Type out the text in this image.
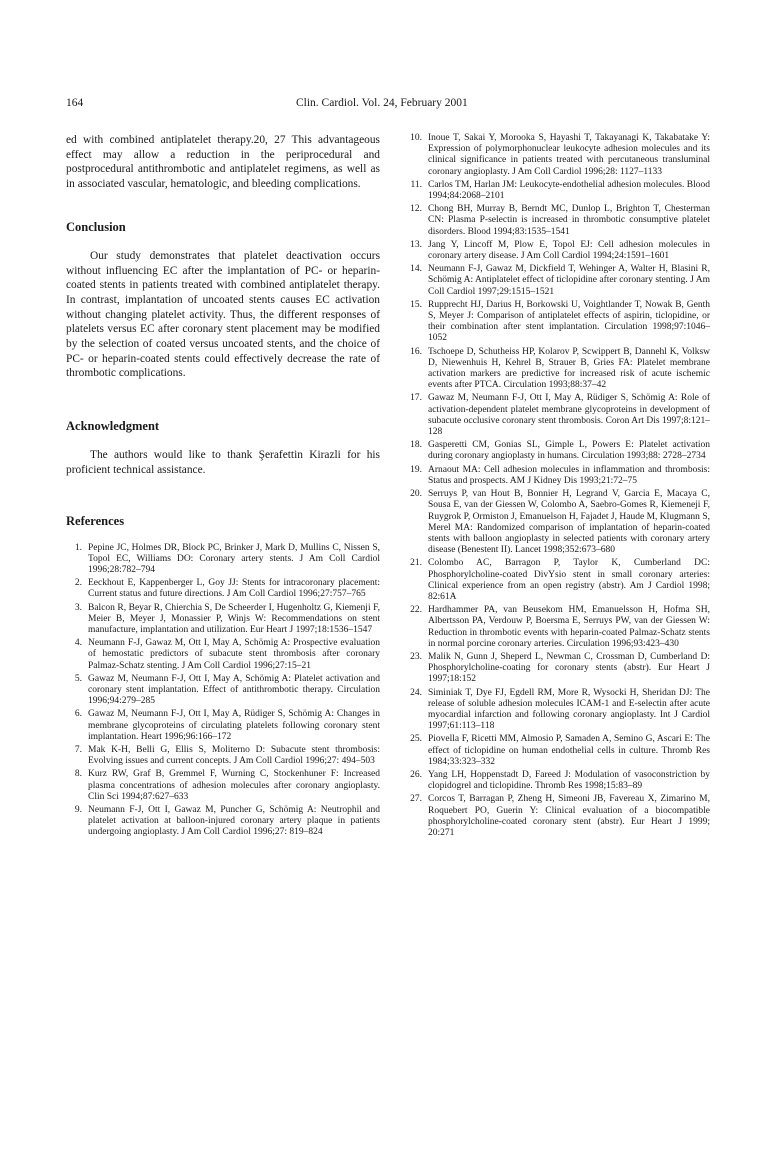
164	Clin. Cardiol. Vol. 24, February 2001

ed with combined antiplatelet therapy.20, 27 This advantageous effect may allow a reduction in the periprocedural and postprocedural antithrombotic and antiplatelet regimens, as well as in associated vascular, hematologic, and bleeding complications.

Conclusion

Our study demonstrates that platelet deactivation occurs without influencing EC after the implantation of PC- or heparin-coated stents in patients treated with combined antiplatelet therapy. In contrast, implantation of uncoated stents causes EC activation without changing platelet activity. Thus, the different responses of platelets versus EC after coronary stent placement may be modified by the selection of coated versus uncoated stents, and the choice of PC- or heparin-coated stents could effectively decrease the rate of thrombotic complications.

Acknowledgment

The authors would like to thank Şerafettin Kirazli for his proficient technical assistance.

References
1. Pepine JC, Holmes DR, Block PC, Brinker J, Mark D, Mullins C, Nissen S, Topol EC, Williams DO: Coronary artery stents. J Am Coll Cardiol 1996;28:782–794
2. Eeckhout E, Kappenberger L, Goy JJ: Stents for intracoronary placement: Current status and future directions. J Am Coll Cardiol 1996;27:757–765
3. Balcon R, Beyar R, Chierchia S, De Scheerder I, Hugenholtz G, Kiemenji F, Meier B, Meyer J, Monassier P, Winjs W: Recommendations on stent manufacture, implantation and utilization. Eur Heart J 1997;18:1536–1547
4. Neumann F-J, Gawaz M, Ott I, May A, Schömig A: Prospective evaluation of hemostatic predictors of subacute stent thrombosis after coronary Palmaz-Schatz stenting. J Am Coll Cardiol 1996;27:15–21
5. Gawaz M, Neumann F-J, Ott I, May A, Schömig A: Platelet activation and coronary stent implantation. Effect of antithrombotic therapy. Circulation 1996;94:279–285
6. Gawaz M, Neumann F-J, Ott I, May A, Rüdiger S, Schömig A: Changes in membrane glycoproteins of circulating platelets following coronary stent implantation. Heart 1996;96:166–172
7. Mak K-H, Belli G, Ellis S, Moliterno D: Subacute stent thrombosis: Evolving issues and current concepts. J Am Coll Cardiol 1996;27: 494–503
8. Kurz RW, Graf B, Gremmel F, Wurning C, Stockenhuner F: Increased plasma concentrations of adhesion molecules after coronary angioplasty. Clin Sci 1994;87:627–633
9. Neumann F-J, Ott I, Gawaz M, Puncher G, Schömig A: Neutrophil and platelet activation at balloon-injured coronary artery plaque in patients undergoing angioplasty. J Am Coll Cardiol 1996;27: 819–824
10. Inoue T, Sakai Y, Morooka S, Hayashi T, Takayanagi K, Takabatake Y: Expression of polymorphonuclear leukocyte adhesion molecules and its clinical significance in patients treated with percutaneous transluminal coronary angioplasty. J Am Coll Cardiol 1996;28: 1127–1133
11. Carlos TM, Harlan JM: Leukocyte-endothelial adhesion molecules. Blood 1994;84:2068–2101
12. Chong BH, Murray B, Berndt MC, Dunlop L, Brighton T, Chesterman CN: Plasma P-selectin is increased in thrombotic consumptive platelet disorders. Blood 1994;83:1535–1541
13. Jang Y, Lincoff M, Plow E, Topol EJ: Cell adhesion molecules in coronary artery disease. J Am Coll Cardiol 1994;24:1591–1601
14. Neumann F-J, Gawaz M, Dickfield T, Wehinger A, Walter H, Blasini R, Schömig A: Antiplatelet effect of ticlopidine after coronary stenting. J Am Coll Cardiol 1997;29:1515–1521
15. Rupprecht HJ, Darius H, Borkowski U, Voightlander T, Nowak B, Genth S, Meyer J: Comparison of antiplatelet effects of aspirin, ticlopidine, or their combination after stent implantation. Circulation 1998;97:1046–1052
16. Tschoepe D, Schutheiss HP, Kolarov P, Scwippert B, Dannehl K, Volksw D, Niewenhuis H, Kehrel B, Strauer B, Gries FA: Platelet membrane activation markers are predictive for increased risk of acute ischemic events after PTCA. Circulation 1993;88:37–42
17. Gawaz M, Neumann F-J, Ott I, May A, Rüdiger S, Schömig A: Role of activation-dependent platelet membrane glycoproteins in development of subacute occlusive coronary stent thrombosis. Coron Art Dis 1997;8:121–128
18. Gasperetti CM, Gonias SL, Gimple L, Powers E: Platelet activation during coronary angioplasty in humans. Circulation 1993;88: 2728–2734
19. Arnaout MA: Cell adhesion molecules in inflammation and thrombosis: Status and prospects. AM J Kidney Dis 1993;21:72–75
20. Serruys P, van Hout B, Bonnier H, Legrand V, Garcia E, Macaya C, Sousa E, van der Giessen W, Colombo A, Saebro-Gomes R, Kiemeneji F, Ruygrok P, Ormiston J, Emanuelson H, Fajadet J, Haude M, Klugmann S, Merel MA: Randomized comparison of implantation of heparin-coated stents with balloon angioplasty in selected patients with coronary artery disease (Benestent II). Lancet 1998;352:673–680
21. Colombo AC, Barragon P, Taylor K, Cumberland DC: Phosphorylcholine-coated DivYsio stent in small coronary arteries: Clinical experience from an open registry (abstr). Am J Cardiol 1998; 82:61A
22. Hardhammer PA, van Beusekom HM, Emanuelsson H, Hofma SH, Albertsson PA, Verdouw P, Boersma E, Serruys PW, van der Giessen W: Reduction in thrombotic events with heparin-coated Palmaz-Schatz stents in normal porcine coronary arteries. Circulation 1996;93:423–430
23. Malik N, Gunn J, Sheperd L, Newman C, Crossman D, Cumberland D: Phosphorylcholine-coating for coronary stents (abstr). Eur Heart J 1997;18:152
24. Siminiak T, Dye FJ, Egdell RM, More R, Wysocki H, Sheridan DJ: The release of soluble adhesion molecules ICAM-1 and E-selectin after acute myocardial infarction and following coronary angioplasty. Int J Cardiol 1997;61:113–118
25. Piovella F, Ricetti MM, Almosio P, Samaden A, Semino G, Ascari E: The effect of ticlopidine on human endothelial cells in culture. Thromb Res 1984;33:323–332
26. Yang LH, Hoppenstadt D, Fareed J: Modulation of vasoconstriction by clopidogrel and ticlopidine. Thromb Res 1998;15:83–89
27. Corcos T, Barragan P, Zheng H, Simeoni JB, Favereau X, Zimarino M, Roquebert PO, Guerin Y: Clinical evaluation of a biocompatible phosphorylcholine-coated coronary stent (abstr). Eur Heart J 1999; 20:271
